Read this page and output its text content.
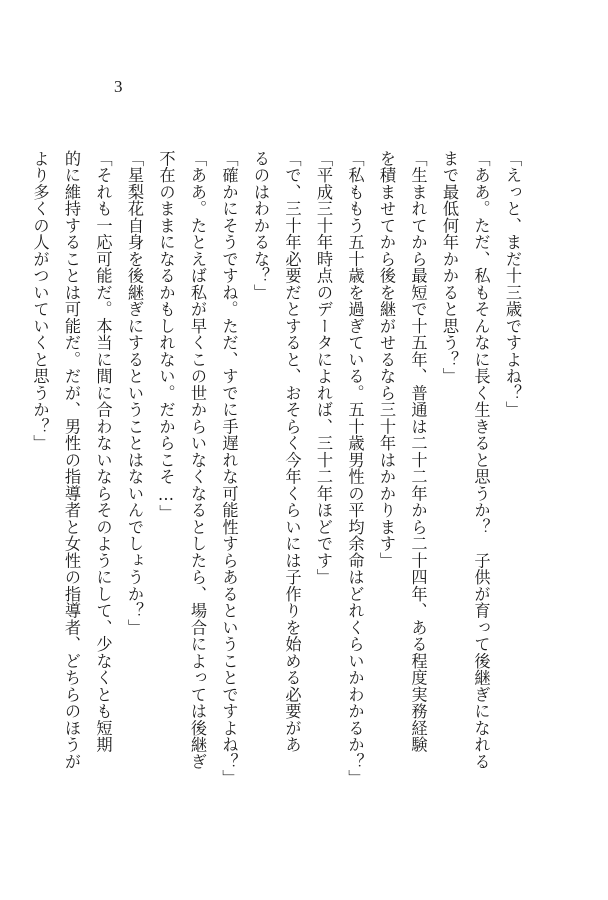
3
「えっと、まだ十三歳ですよね？」
「ああ。ただ、私もそんなに長く生きると思うか？　子供が育って後継ぎになれる
まで最低何年かかると思う？」
「生まれてから最短で十五年、普通は二十二年から二十四年、ある程度実務経験
を積ませてから後を継がせるなら三十年はかかります」
「私ももう五十歳を過ぎている。五十歳男性の平均余命はどれくらいかわかるか？」
「平成三十年時点のデータによれば、三十二年ほどです」
「で、三十年必要だとすると、おそらく今年くらいには子作りを始める必要があ
るのはわかるな？」
「確かにそうですね。ただ、すでに手遅れな可能性すらあるということですよね？」
「ああ。たとえば私が早くこの世からいなくなるとしたら、場合によっては後継ぎ
不在のままになるかもしれない。だからこそ…」
「星梨花自身を後継ぎにするということはないんでしょうか？」
「それも一応可能だ。本当に間に合わないならそのようにして、少なくとも短期
的に維持することは可能だ。だが、男性の指導者と女性の指導者、どちらのほうが
より多くの人がついていくと思うか？」
